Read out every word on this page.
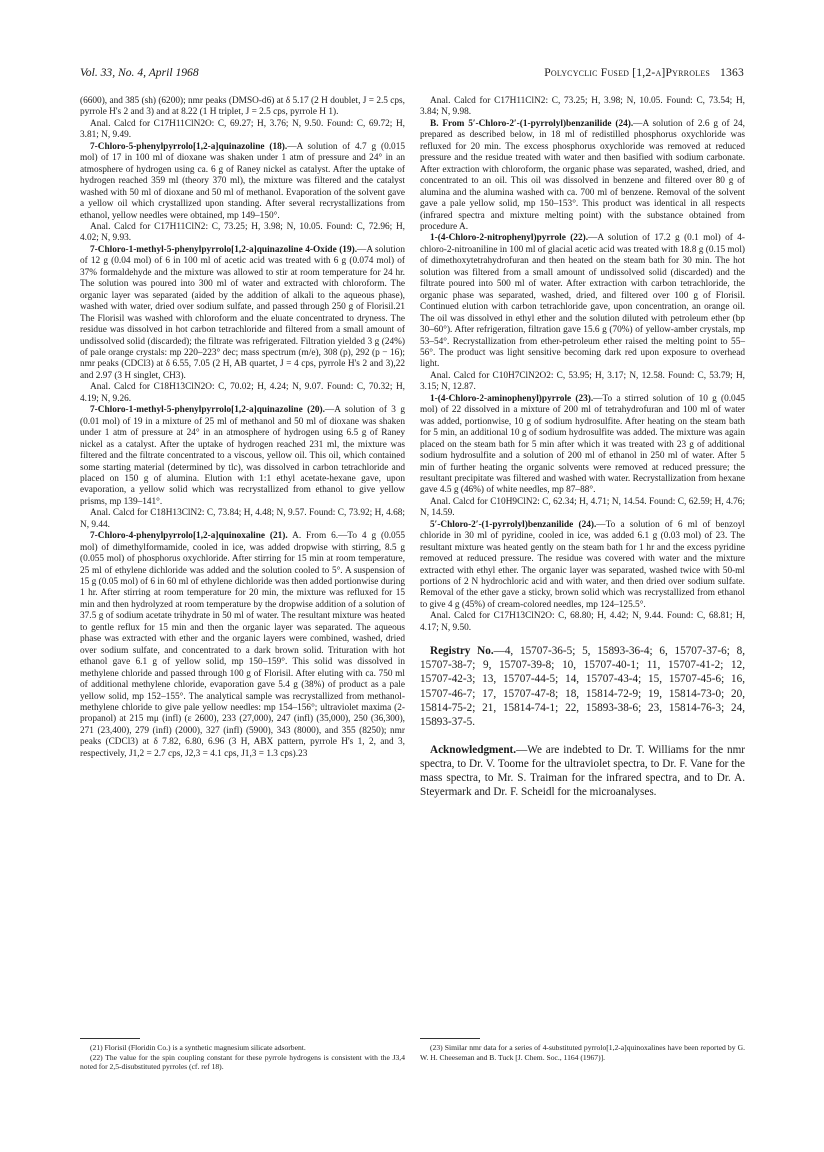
Vol. 33, No. 4, April 1968	Polycyclic Fused [1,2-a]Pyrroles 1363

(6600), and 385 (sh) (6200); nmr peaks (DMSO-d6) at δ 5.17 (2 H doublet, J = 2.5 cps, pyrrole H's 2 and 3) and at 8.22 (1 H triplet, J = 2.5 cps, pyrrole H 1).

Anal. Calcd for C17H11ClN2O: C, 69.27; H, 3.76; N, 9.50. Found: C, 69.72; H, 3.81; N, 9.49.

7-Chloro-5-phenylpyrrolo[1,2-a]quinazoline (18).—A solution of 4.7 g (0.015 mol) of 17 in 100 ml of dioxane was shaken under 1 atm of pressure and 24° in an atmosphere of hydrogen using ca. 6 g of Raney nickel as catalyst. After the uptake of hydrogen reached 359 ml (theory 370 ml), the mixture was filtered and the catalyst washed with 50 ml of dioxane and 50 ml of methanol. Evaporation of the solvent gave a yellow oil which crystallized upon standing. After several recrystallizations from ethanol, yellow needles were obtained, mp 149–150°.

Anal. Calcd for C17H11ClN2: C, 73.25; H, 3.98; N, 10.05. Found: C, 72.96; H, 4.02; N, 9.93.

7-Chloro-1-methyl-5-phenylpyrrolo[1,2-a]quinazoline 4-Oxide (19).—A solution of 12 g (0.04 mol) of 6 in 100 ml of acetic acid was treated with 6 g (0.074 mol) of 37% formaldehyde and the mixture was allowed to stir at room temperature for 24 hr. The solution was poured into 300 ml of water and extracted with chloroform. The organic layer was separated (aided by the addition of alkali to the aqueous phase), washed with water, dried over sodium sulfate, and passed through 250 g of Florisil.21 The Florisil was washed with chloroform and the eluate concentrated to dryness. The residue was dissolved in hot carbon tetrachloride and filtered from a small amount of undissolved solid (discarded); the filtrate was refrigerated. Filtration yielded 3 g (24%) of pale orange crystals: mp 220–223° dec; mass spectrum (m/e), 308 (p), 292 (p − 16); nmr peaks (CDCl3) at δ 6.55, 7.05 (2 H, AB quartet, J = 4 cps, pyrrole H's 2 and 3),22 and 2.97 (3 H singlet, CH3).

Anal. Calcd for C18H13ClN2O: C, 70.02; H, 4.24; N, 9.07. Found: C, 70.32; H, 4.19; N, 9.26.

7-Chloro-1-methyl-5-phenylpyrrolo[1,2-a]quinazoline (20).—A solution of 3 g (0.01 mol) of 19 in a mixture of 25 ml of methanol and 50 ml of dioxane was shaken under 1 atm of pressure at 24° in an atmosphere of hydrogen using 6.5 g of Raney nickel as a catalyst. After the uptake of hydrogen reached 231 ml, the mixture was filtered and the filtrate concentrated to a viscous, yellow oil. This oil, which contained some starting material (determined by tlc), was dissolved in carbon tetrachloride and placed on 150 g of alumina. Elution with 1:1 ethyl acetate-hexane gave, upon evaporation, a yellow solid which was recrystallized from ethanol to give yellow prisms, mp 139–141°.

Anal. Calcd for C18H13ClN2: C, 73.84; H, 4.48; N, 9.57. Found: C, 73.92; H, 4.68; N, 9.44.

7-Chloro-4-phenylpyrrolo[1,2-a]quinoxaline (21). A. From 6.—To 4 g (0.055 mol) of dimethylformamide, cooled in ice, was added dropwise with stirring, 8.5 g (0.055 mol) of phosphorus oxychloride. After stirring for 15 min at room temperature, 25 ml of ethylene dichloride was added and the solution cooled to 5°. A suspension of 15 g (0.05 mol) of 6 in 60 ml of ethylene dichloride was then added portionwise during 1 hr. After stirring at room temperature for 20 min, the mixture was refluxed for 15 min and then hydrolyzed at room temperature by the dropwise addition of a solution of 37.5 g of sodium acetate trihydrate in 50 ml of water. The resultant mixture was heated to gentle reflux for 15 min and then the organic layer was separated. The aqueous phase was extracted with ether and the organic layers were combined, washed, dried over sodium sulfate, and concentrated to a dark brown solid. Trituration with hot ethanol gave 6.1 g of yellow solid, mp 150–159°. This solid was dissolved in methylene chloride and passed through 100 g of Florisil. After eluting with ca. 750 ml of additional methylene chloride, evaporation gave 5.4 g (38%) of product as a pale yellow solid, mp 152–155°. The analytical sample was recrystallized from methanol-methylene chloride to give pale yellow needles: mp 154–156°; ultraviolet maxima (2-propanol) at 215 mμ (infl) (ε 2600), 233 (27,000), 247 (infl) (35,000), 250 (36,300), 271 (23,400), 279 (infl) (2000), 327 (infl) (5900), 343 (8000), and 355 (8250); nmr peaks (CDCl3) at δ 7.82, 6.80, 6.96 (3 H, ABX pattern, pyrrole H's 1, 2, and 3, respectively, J1,2 = 2.7 cps, J2,3 = 4.1 cps, J1,3 = 1.3 cps).23

Anal. Calcd for C17H11ClN2: C, 73.25; H, 3.98; N, 10.05. Found: C, 73.54; H, 3.84; N, 9.98.

B. From 5′-Chloro-2′-(1-pyrrolyl)benzanilide (24).—A solution of 2.6 g of 24, prepared as described below, in 18 ml of redistilled phosphorus oxychloride was refluxed for 20 min. The excess phosphorus oxychloride was removed at reduced pressure and the residue treated with water and then basified with sodium carbonate. After extraction with chloroform, the organic phase was separated, washed, dried, and concentrated to an oil. This oil was dissolved in benzene and filtered over 80 g of alumina and the alumina washed with ca. 700 ml of benzene. Removal of the solvent gave a pale yellow solid, mp 150–153°. This product was identical in all respects (infrared spectra and mixture melting point) with the substance obtained from procedure A.

1-(4-Chloro-2-nitrophenyl)pyrrole (22).—A solution of 17.2 g (0.1 mol) of 4-chloro-2-nitroaniline in 100 ml of glacial acetic acid was treated with 18.8 g (0.15 mol) of dimethoxytetrahydrofuran and then heated on the steam bath for 30 min. The hot solution was filtered from a small amount of undissolved solid (discarded) and the filtrate poured into 500 ml of water. After extraction with carbon tetrachloride, the organic phase was separated, washed, dried, and filtered over 100 g of Florisil. Continued elution with carbon tetrachloride gave, upon concentration, an orange oil. The oil was dissolved in ethyl ether and the solution diluted with petroleum ether (bp 30–60°). After refrigeration, filtration gave 15.6 g (70%) of yellow-amber crystals, mp 53–54°. Recrystallization from ether-petroleum ether raised the melting point to 55–56°. The product was light sensitive becoming dark red upon exposure to overhead light.

Anal. Calcd for C10H7ClN2O2: C, 53.95; H, 3.17; N, 12.58. Found: C, 53.79; H, 3.15; N, 12.87.

1-(4-Chloro-2-aminophenyl)pyrrole (23).—To a stirred solution of 10 g (0.045 mol) of 22 dissolved in a mixture of 200 ml of tetrahydrofuran and 100 ml of water was added, portionwise, 10 g of sodium hydrosulfite. After heating on the steam bath for 5 min, an additional 10 g of sodium hydrosulfite was added. The mixture was again placed on the steam bath for 5 min after which it was treated with 23 g of additional sodium hydrosulfite and a solution of 200 ml of ethanol in 250 ml of water. After 5 min of further heating the organic solvents were removed at reduced pressure; the resultant precipitate was filtered and washed with water. Recrystallization from hexane gave 4.5 g (46%) of white needles, mp 87–88°.

Anal. Calcd for C10H9ClN2: C, 62.34; H, 4.71; N, 14.54. Found: C, 62.59; H, 4.76; N, 14.59.

5′-Chloro-2′-(1-pyrrolyl)benzanilide (24).—To a solution of 6 ml of benzoyl chloride in 30 ml of pyridine, cooled in ice, was added 6.1 g (0.03 mol) of 23. The resultant mixture was heated gently on the steam bath for 1 hr and the excess pyridine removed at reduced pressure. The residue was covered with water and the mixture extracted with ethyl ether. The organic layer was separated, washed twice with 50-ml portions of 2 N hydrochloric acid and with water, and then dried over sodium sulfate. Removal of the ether gave a sticky, brown solid which was recrystallized from ethanol to give 4 g (45%) of cream-colored needles, mp 124–125.5°.

Anal. Calcd for C17H13ClN2O: C, 68.80; H, 4.42; N, 9.44. Found: C, 68.81; H, 4.17; N, 9.50.

Registry No.—4, 15707-36-5; 5, 15893-36-4; 6, 15707-37-6; 8, 15707-38-7; 9, 15707-39-8; 10, 15707-40-1; 11, 15707-41-2; 12, 15707-42-3; 13, 15707-44-5; 14, 15707-43-4; 15, 15707-45-6; 16, 15707-46-7; 17, 15707-47-8; 18, 15814-72-9; 19, 15814-73-0; 20, 15814-75-2; 21, 15814-74-1; 22, 15893-38-6; 23, 15814-76-3; 24, 15893-37-5.

Acknowledgment.—We are indebted to Dr. T. Williams for the nmr spectra, to Dr. V. Toome for the ultraviolet spectra, to Dr. F. Vane for the mass spectra, to Mr. S. Traiman for the infrared spectra, and to Dr. A. Steyermark and Dr. F. Scheidl for the microanalyses.

(21) Florisil (Floridin Co.) is a synthetic magnesium silicate adsorbent.

(22) The value for the spin coupling constant for these pyrrole hydrogens is consistent with the J3,4 noted for 2,5-disubstituted pyrroles (cf. ref 18).

(23) Similar nmr data for a series of 4-substituted pyrrolo[1,2-a]quinoxalines have been reported by G. W. H. Cheeseman and B. Tuck [J. Chem. Soc., 1164 (1967)].
